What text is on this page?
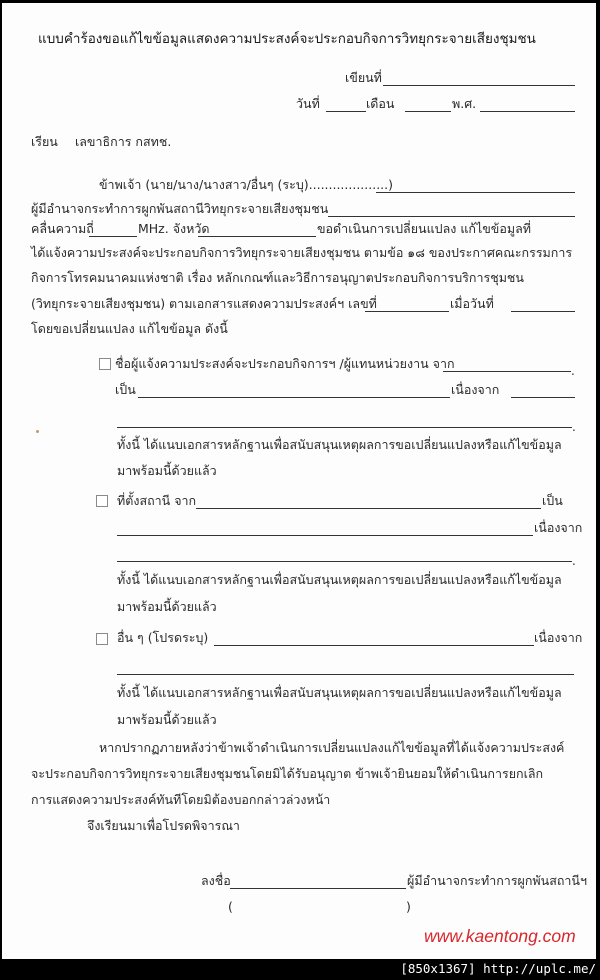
แบบคำร้องขอแก้ไขข้อมูลแสดงความประสงค์จะประกอบกิจการวิทยุกระจายเสียงชุมชน
เขียนที่
วันที่	เดือน	พ.ศ.
เรียน เลขาธิการ กสทช.
ข้าพเจ้า (นาย/นาง/นางสาว/อื่นๆ (ระบุ)....................)
ผู้มีอำนาจกระทำการผูกพันสถานีวิทยุกระจายเสียงชุมชน
คลื่นความถี่	MHz. จังหวัด	ขอดำเนินการเปลี่ยนแปลง แก้ไขข้อมูลที่
ได้แจ้งความประสงค์จะประกอบกิจการวิทยุกระจายเสียงชุมชน ตามข้อ ๑๘ ของประกาศคณะกรรมการ
กิจการโทรคมนาคมแห่งชาติ เรื่อง หลักเกณฑ์และวิธีการอนุญาตประกอบกิจการบริการชุมชน
(วิทยุกระจายเสียงชุมชน) ตามเอกสารแสดงความประสงค์ฯ เลขที่	เมื่อวันที่
โดยขอเปลี่ยนแปลง แก้ไขข้อมูล ดังนี้
ชื่อผู้แจ้งความประสงค์จะประกอบกิจการฯ /ผู้แทนหน่วยงาน จาก	.
เป็น	เนื่องจาก
.
ทั้งนี้ ได้แนบเอกสารหลักฐานเพื่อสนับสนุนเหตุผลการขอเปลี่ยนแปลงหรือแก้ไขข้อมูล
มาพร้อมนี้ด้วยแล้ว
ที่ตั้งสถานี จาก	เป็น
เนื่องจาก
.
ทั้งนี้ ได้แนบเอกสารหลักฐานเพื่อสนับสนุนเหตุผลการขอเปลี่ยนแปลงหรือแก้ไขข้อมูล
มาพร้อมนี้ด้วยแล้ว
อื่น ๆ (โปรดระบุ)	เนื่องจาก
ทั้งนี้ ได้แนบเอกสารหลักฐานเพื่อสนับสนุนเหตุผลการขอเปลี่ยนแปลงหรือแก้ไขข้อมูล
มาพร้อมนี้ด้วยแล้ว
หากปรากฏภายหลังว่าข้าพเจ้าดำเนินการเปลี่ยนแปลงแก้ไขข้อมูลที่ได้แจ้งความประสงค์
จะประกอบกิจการวิทยุกระจายเสียงชุมชนโดยมิได้รับอนุญาต ข้าพเจ้ายินยอมให้ดำเนินการยกเลิก
การแสดงความประสงค์ทันทีโดยมิต้องบอกกล่าวล่วงหน้า
จึงเรียนมาเพื่อโปรดพิจารณา
ลงชื่อ	ผู้มีอำนาจกระทำการผูกพันสถานีฯ
(	)
www.kaentong.com
[850x1367] http://uplc.me/
